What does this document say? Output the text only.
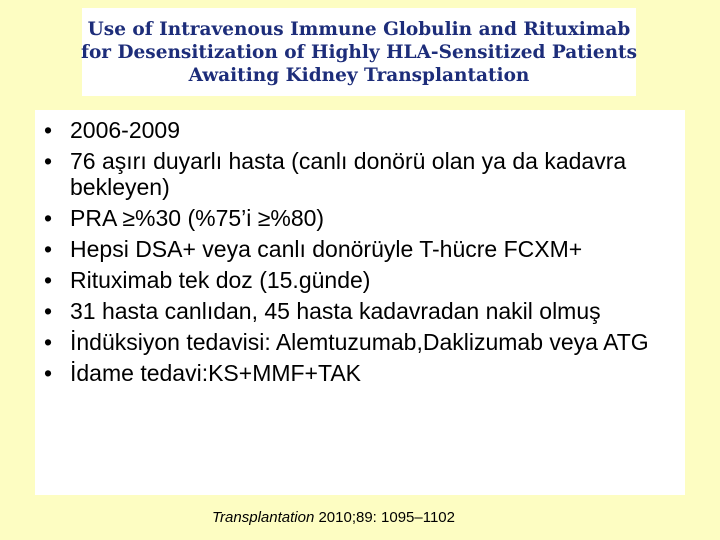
Use of Intravenous Immune Globulin and Rituximab
for Desensitization of Highly HLA-Sensitized Patients
Awaiting Kidney Transplantation
• 2006-2009
• 76 aşırı duyarlı hasta (canlı donörü olan ya da kadavra bekleyen)
• PRA ≥%30 (%75’i ≥%80)
• Hepsi DSA+ veya canlı donörüyle T-hücre FCXM+
• Rituximab tek doz (15.günde)
• 31 hasta canlıdan, 45 hasta kadavradan nakil olmuş
• İndüksiyon tedavisi: Alemtuzumab,Daklizumab veya ATG
• İdame tedavi:KS+MMF+TAK
Transplantation 2010;89: 1095–1102
